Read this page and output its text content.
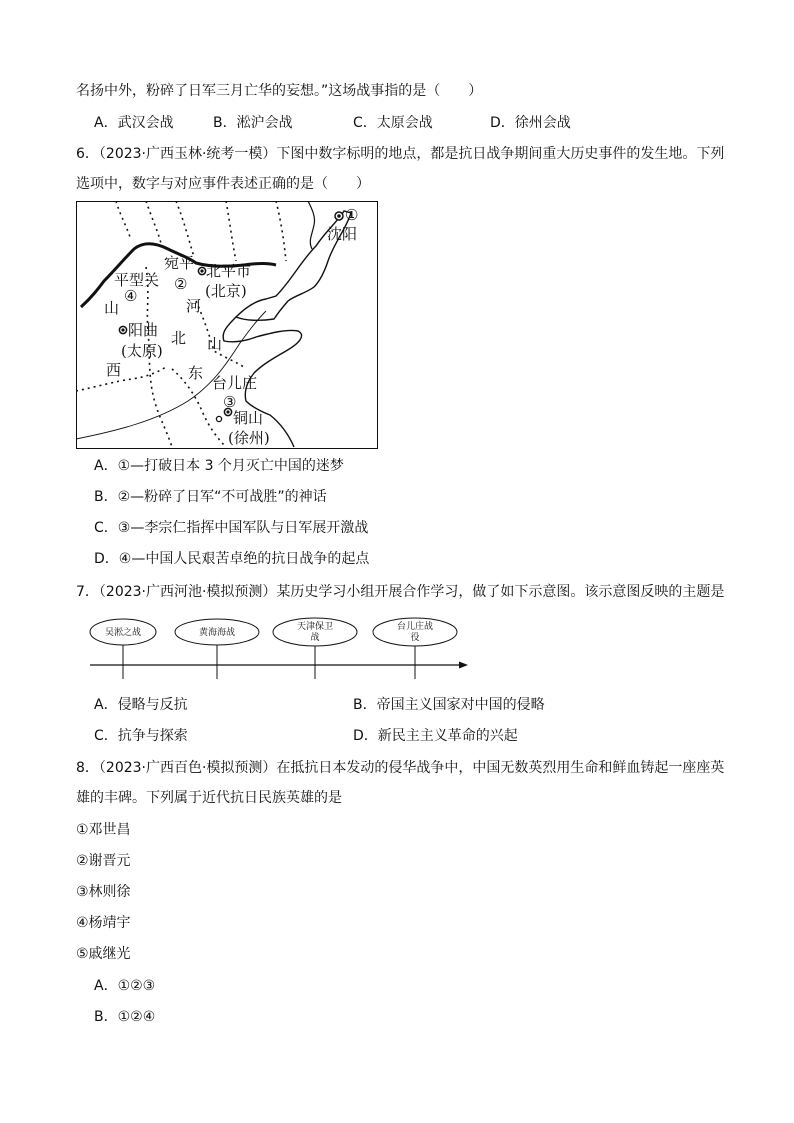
名扬中外，粉碎了日军三月亡华的妄想。”这场战事指的是（　　）
A．武汉会战	B．淞沪会战	C．太原会战	D．徐州会战
6．（2023·广西玉林·统考一模）下图中数字标明的地点，都是抗日战争期间重大历史事件的发生地。下列
选项中，数字与对应事件表述正确的是（　　）
①
沈阳
宛平
②
北平市
(北京)
平型关
④
河
山
阳曲
(太原)
北 山
西	东
台儿庄
③
铜山
(徐州)
A．①—打破日本 3 个月灭亡中国的迷梦
B．②—粉碎了日军“不可战胜”的神话
C．③—李宗仁指挥中国军队与日军展开激战
D．④—中国人民艰苦卓绝的抗日战争的起点
7．（2023·广西河池·模拟预测）某历史学习小组开展合作学习，做了如下示意图。该示意图反映的主题是
吴淞之战	黄海海战
天津保卫
战
台儿庄战
役
A．侵略与反抗	B．帝国主义国家对中国的侵略
C．抗争与探索	D．新民主主义革命的兴起
8．（2023·广西百色·模拟预测）在抵抗日本发动的侵华战争中，中国无数英烈用生命和鲜血铸起一座座英
雄的丰碑。下列属于近代抗日民族英雄的是
①邓世昌
②谢晋元
③林则徐
④杨靖宇
⑤戚继光
A．①②③
B．①②④
